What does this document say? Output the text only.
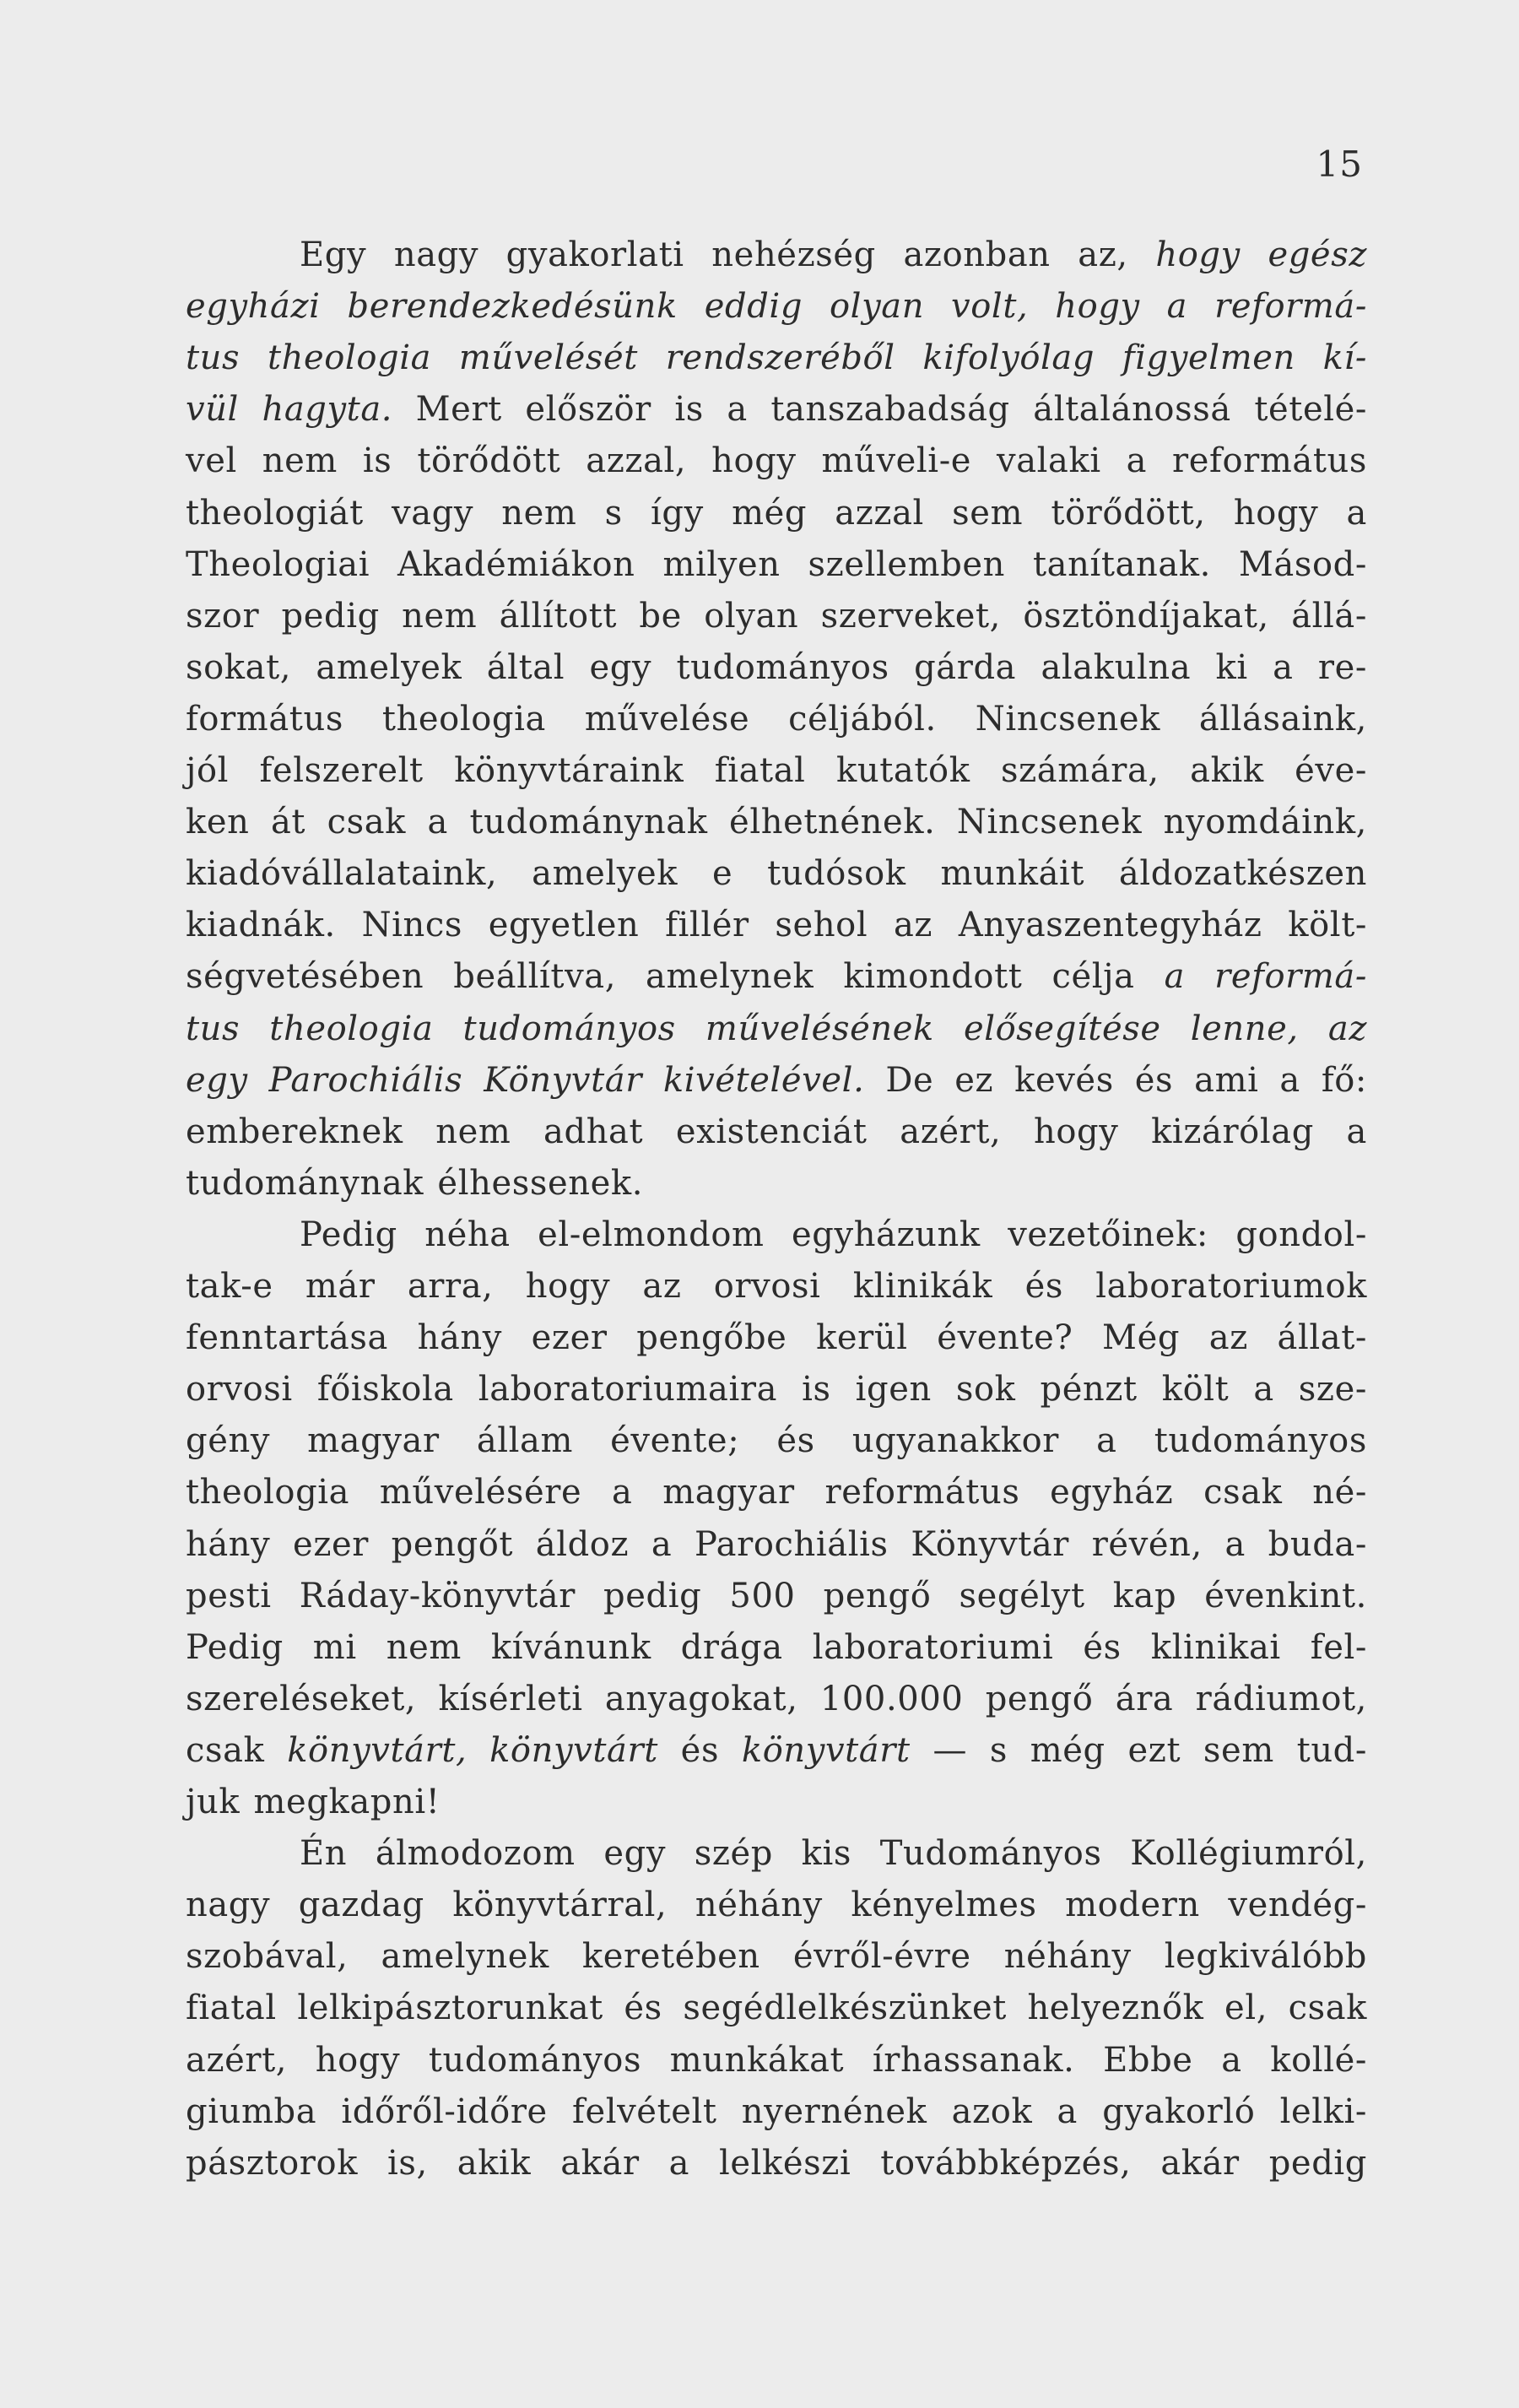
15
Egy nagy gyakorlati nehézség azonban az, hogy egész
egyházi berendezkedésünk eddig olyan volt, hogy a reformá-
tus theologia művelését rendszeréből kifolyólag figyelmen kí-
vül hagyta. Mert először is a tanszabadság általánossá tételé-
vel nem is törődött azzal, hogy műveli-e valaki a református
theologiát vagy nem s így még azzal sem törődött, hogy a
Theologiai Akadémiákon milyen szellemben tanítanak. Másod-
szor pedig nem állított be olyan szerveket, ösztöndíjakat, állá-
sokat, amelyek által egy tudományos gárda alakulna ki a re-
formátus theologia művelése céljából. Nincsenek állásaink,
jól felszerelt könyvtáraink fiatal kutatók számára, akik éve-
ken át csak a tudománynak élhetnének. Nincsenek nyomdáink,
kiadóvállalataink, amelyek e tudósok munkáit áldozatkészen
kiadnák. Nincs egyetlen fillér sehol az Anyaszentegyház költ-
ségvetésében beállítva, amelynek kimondott célja a reformá-
tus theologia tudományos művelésének elősegítése lenne, az
egy Parochiális Könyvtár kivételével. De ez kevés és ami a fő:
embereknek nem adhat existenciát azért, hogy kizárólag a
tudománynak élhessenek.
Pedig néha el-elmondom egyházunk vezetőinek: gondol-
tak-e már arra, hogy az orvosi klinikák és laboratoriumok
fenntartása hány ezer pengőbe kerül évente? Még az állat-
orvosi főiskola laboratoriumaira is igen sok pénzt költ a sze-
gény magyar állam évente; és ugyanakkor a tudományos
theologia művelésére a magyar református egyház csak né-
hány ezer pengőt áldoz a Parochiális Könyvtár révén, a buda-
pesti Ráday-könyvtár pedig 500 pengő segélyt kap évenkint.
Pedig mi nem kívánunk drága laboratoriumi és klinikai fel-
szereléseket, kísérleti anyagokat, 100.000 pengő ára rádiumot,
csak könyvtárt, könyvtárt és könyvtárt — s még ezt sem tud-
juk megkapni!
Én álmodozom egy szép kis Tudományos Kollégiumról,
nagy gazdag könyvtárral, néhány kényelmes modern vendég-
szobával, amelynek keretében évről-évre néhány legkiválóbb
fiatal lelkipásztorunkat és segédlelkészünket helyeznők el, csak
azért, hogy tudományos munkákat írhassanak. Ebbe a kollé-
giumba időről-időre felvételt nyernének azok a gyakorló lelki-
pásztorok is, akik akár a lelkészi továbbképzés, akár pedig
